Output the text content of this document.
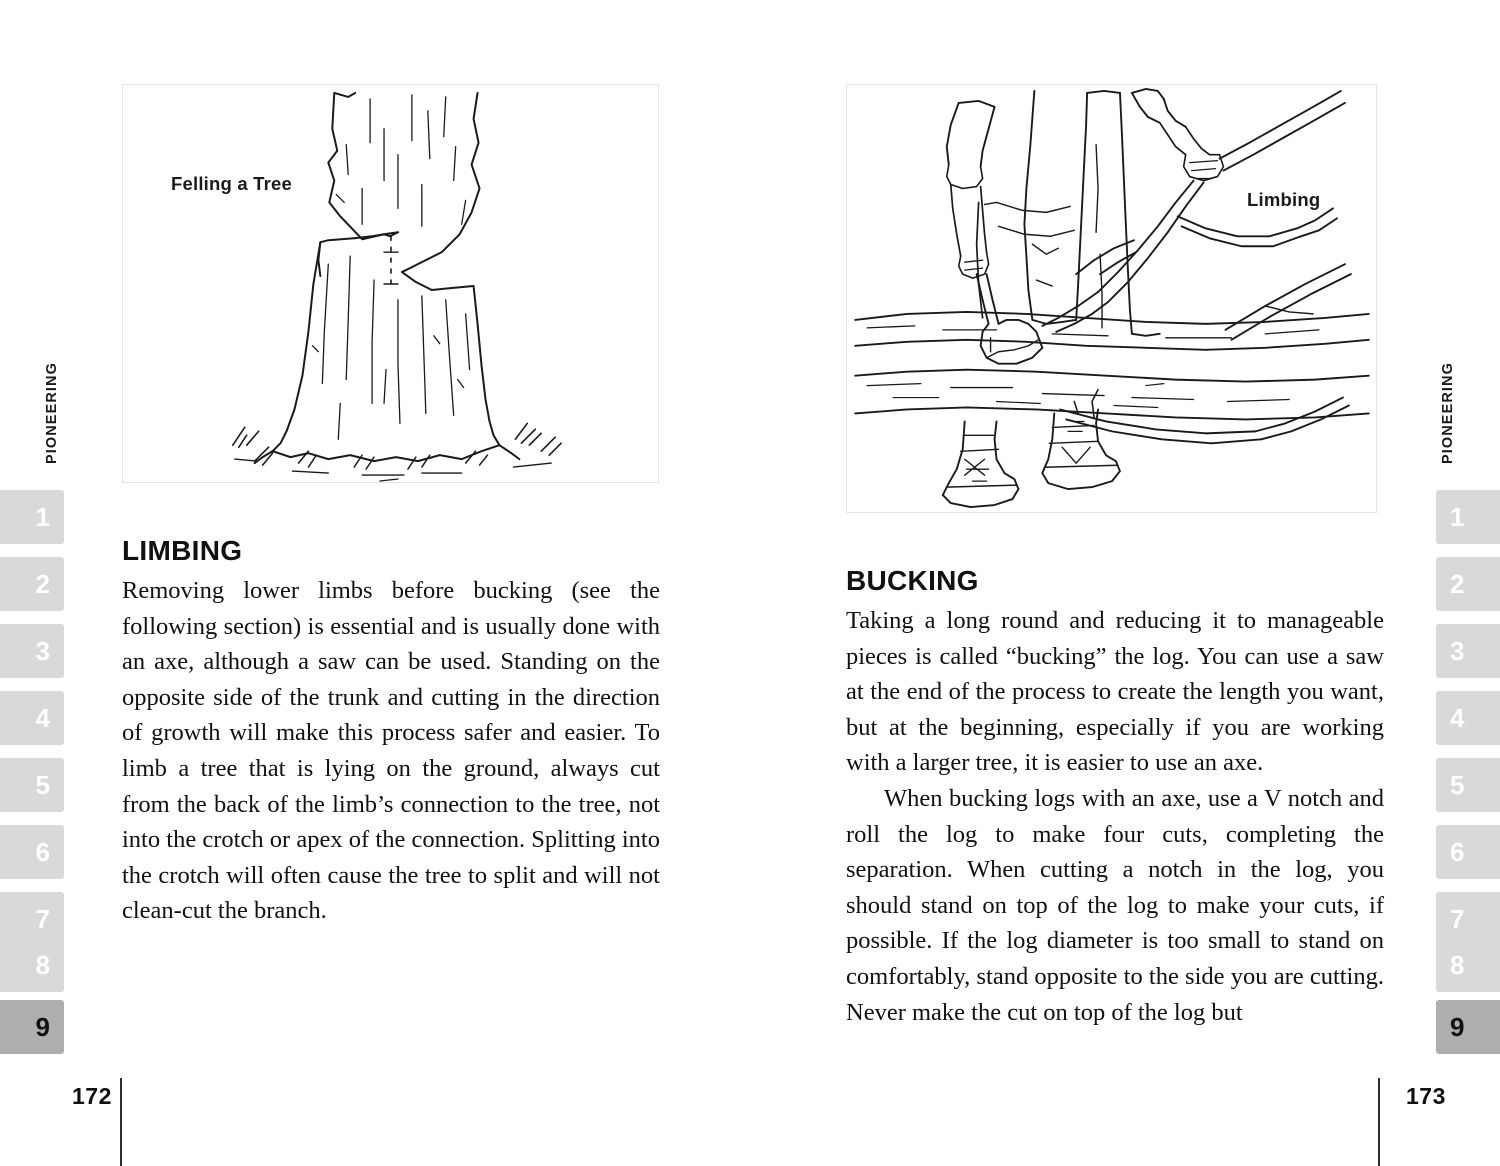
PIONEERING
1
2
3
4
5
6
7
8
9
Felling a Tree
LIMBING

Removing lower limbs before bucking (see the following section) is essential and is usually done with an axe, although a saw can be used. Standing on the opposite side of the trunk and cutting in the direction of growth will make this process safer and easier. To limb a tree that is lying on the ground, always cut from the back of the limb’s connection to the tree, not into the crotch or apex of the connection. Splitting into the crotch will often cause the tree to split and will not clean-cut the branch.

172
Limbing
BUCKING

Taking a long round and reducing it to manageable pieces is called “bucking” the log. You can use a saw at the end of the process to create the length you want, but at the beginning, especially if you are working with a larger tree, it is easier to use an axe.

When bucking logs with an axe, use a V notch and roll the log to make four cuts, completing the separation. When cutting a notch in the log, you should stand on top of the log to make your cuts, if possible. If the log diameter is too small to stand on comfortably, stand opposite to the side you are cutting. Never make the cut on top of the log but

173
PIONEERING
1
2
3
4
5
6
7
8
9
